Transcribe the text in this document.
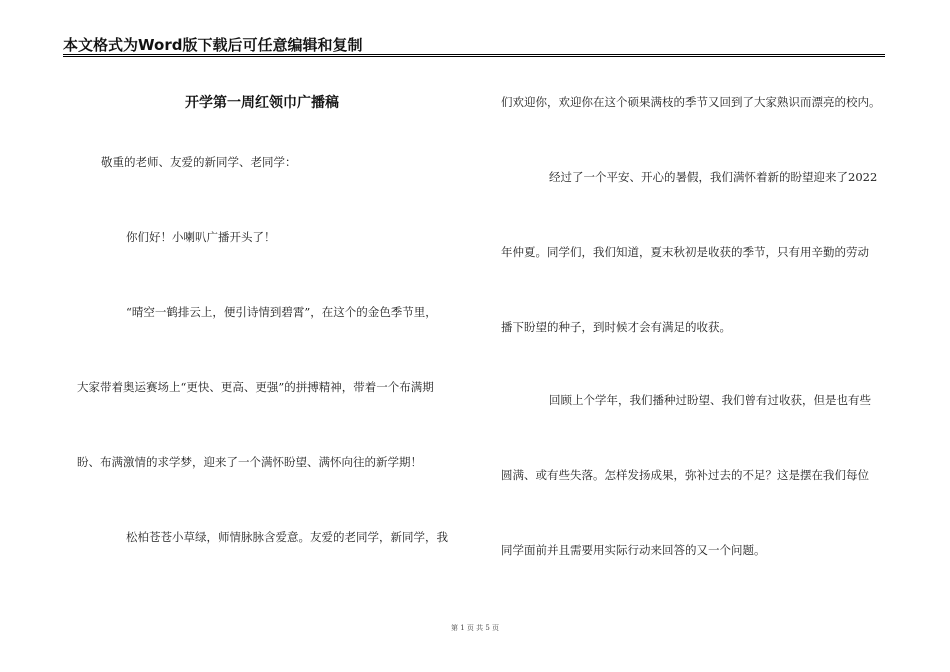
本文格式为Word版下载后可任意编辑和复制
开学第一周红领巾广播稿
敬重的老师、友爱的新同学、老同学：
你们好！小喇叭广播开头了！
“晴空一鹤排云上，便引诗情到碧霄”，在这个的金色季节里，
大家带着奥运赛场上“更快、更高、更强”的拼搏精神，带着一个布满期
盼、布满激情的求学梦，迎来了一个满怀盼望、满怀向往的新学期！
松柏苍苍小草绿，师情脉脉含爱意。友爱的老同学，新同学，我
们欢迎你，欢迎你在这个硕果满枝的季节又回到了大家熟识而漂亮的校内。
经过了一个平安、开心的暑假，我们满怀着新的盼望迎来了2022
年仲夏。同学们，我们知道，夏末秋初是收获的季节，只有用辛勤的劳动
播下盼望的种子，到时候才会有满足的收获。
回顾上个学年，我们播种过盼望、我们曾有过收获，但是也有些
圆满、或有些失落。怎样发扬成果，弥补过去的不足？这是摆在我们每位
同学面前并且需要用实际行动来回答的又一个问题。
第 1 页 共 5 页
